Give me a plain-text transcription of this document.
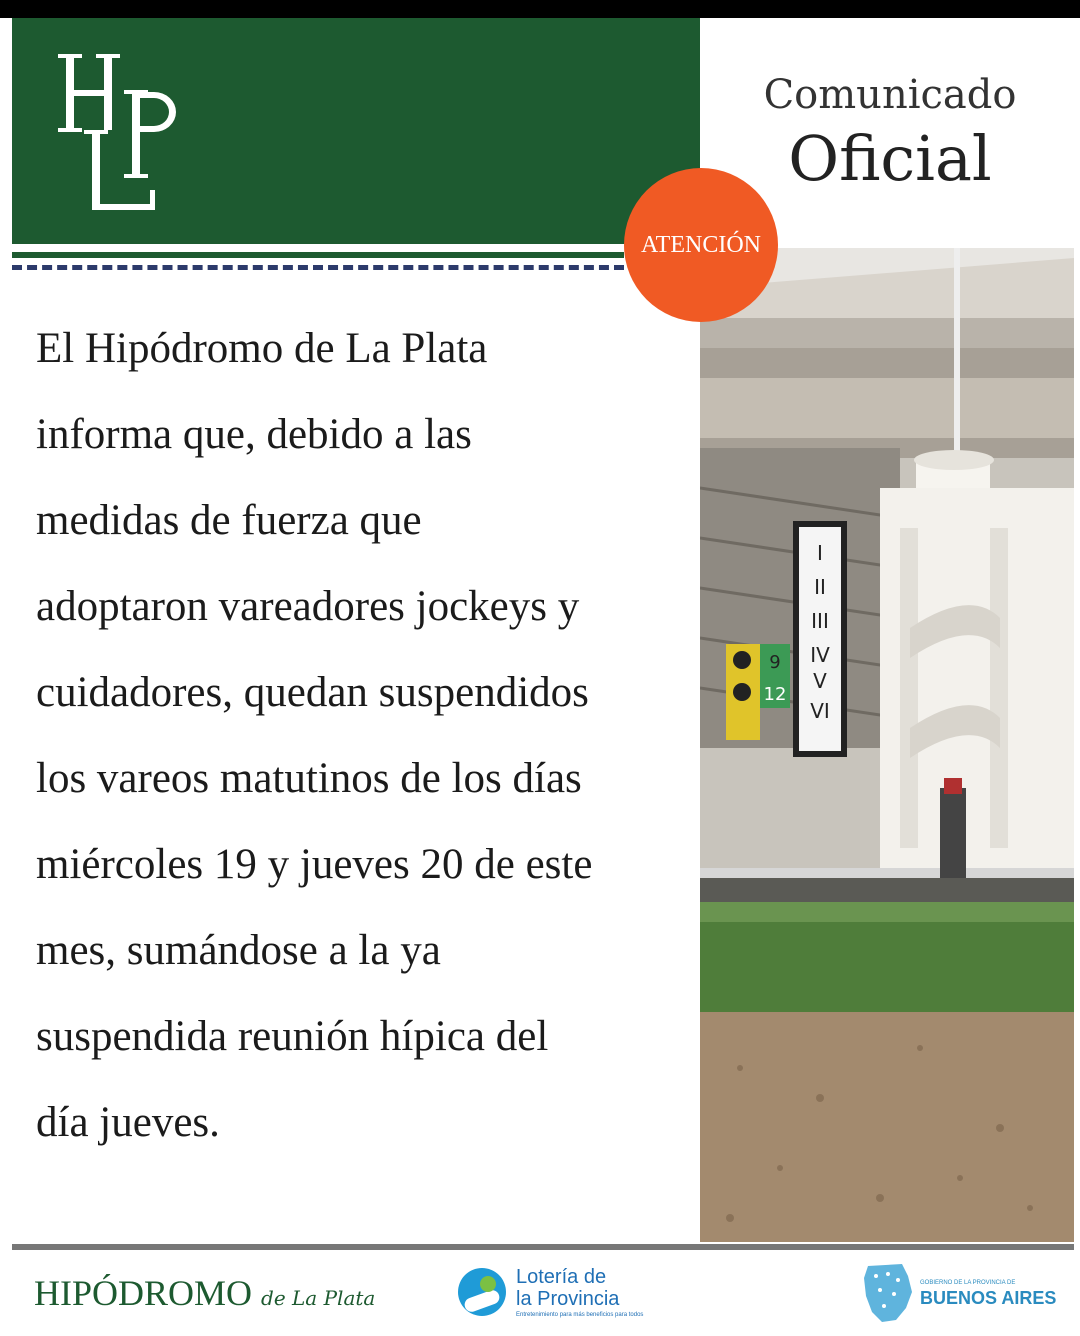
Comunicado
Oficial
ATENCIÓN
I
II
III
IV
V
VI
9
12
El Hipódromo de La Plata
informa que, debido a las
medidas de fuerza que
adoptaron vareadores jockeys y
cuidadores, quedan suspendidos
los vareos matutinos de los días
miércoles 19 y jueves 20 de este
mes, sumándose a la ya
suspendida reunión hípica del
día jueves.
HIPÓDROMO de La Plata
Lotería de
la Provincia
Entretenimiento para más beneficios para todos
GOBIERNO DE LA PROVINCIA DE
BUENOS AIRES
